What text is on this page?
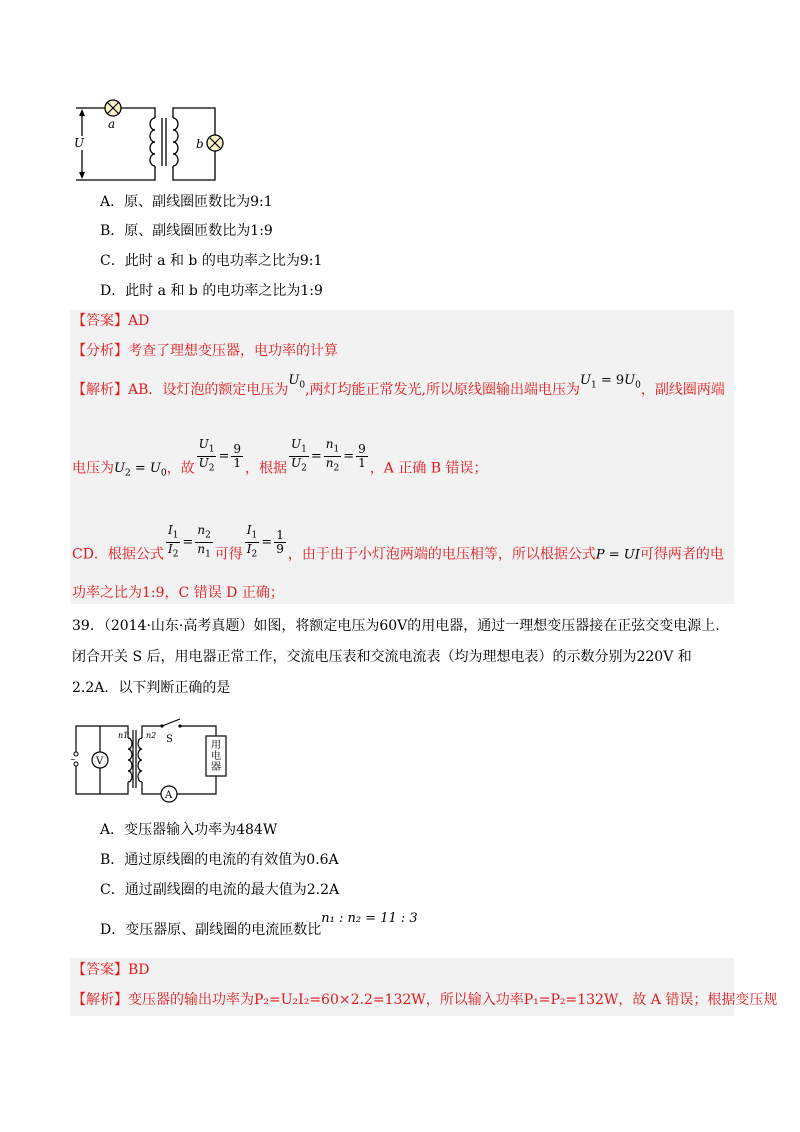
a
b
U
A．原、副线圈匝数比为9:1
B．原、副线圈匝数比为1:9
C．此时 a 和 b 的电功率之比为9:1
D．此时 a 和 b 的电功率之比为1:9
【答案】AD
【分析】考查了理想变压器，电功率的计算
【解析】AB．设灯泡的额定电压为$U_0$,两灯均能正常发光,所以原线圈输出端电压为$U_1 = 9U_0$，副线圈两端
电压为$U_2 = U_0$，故 $\frac{U_1}{U_2} = \frac{9}{1}$ ，根据 $\frac{U_1}{U_2} = \frac{n_1}{n_2} = \frac{9}{1}$ ，A 正确 B 错误；
CD．根据公式 $\frac{I_1}{I_2} = \frac{n_2}{n_1}$ 可得 $\frac{I_1}{I_2} = \frac{1}{9}$ ，由于由于小灯泡两端的电压相等，所以根据公式P = UI可得两者的电
功率之比为1:9，C 错误 D 正确；
39．（2014·山东·高考真题）如图，将额定电压为60V的用电器，通过一理想变压器接在正弦交变电源上.
闭合开关 S 后，用电器正常工作，交流电压表和交流电流表（均为理想电表）的示数分别为220V 和
2.2A．以下判断正确的是
~ V
A
S
n1 n2
用 电 器
A．变压器输入功率为484W
B．通过原线圈的电流的有效值为0.6A
C．通过副线圈的电流的最大值为2.2A
D．变压器原、副线圈的电流匝数比n₁ : n₂ = 11 : 3
【答案】BD
【解析】变压器的输出功率为P₂=U₂I₂=60×2.2=132W，所以输入功率P₁=P₂=132W，故 A 错误；根据变压规
